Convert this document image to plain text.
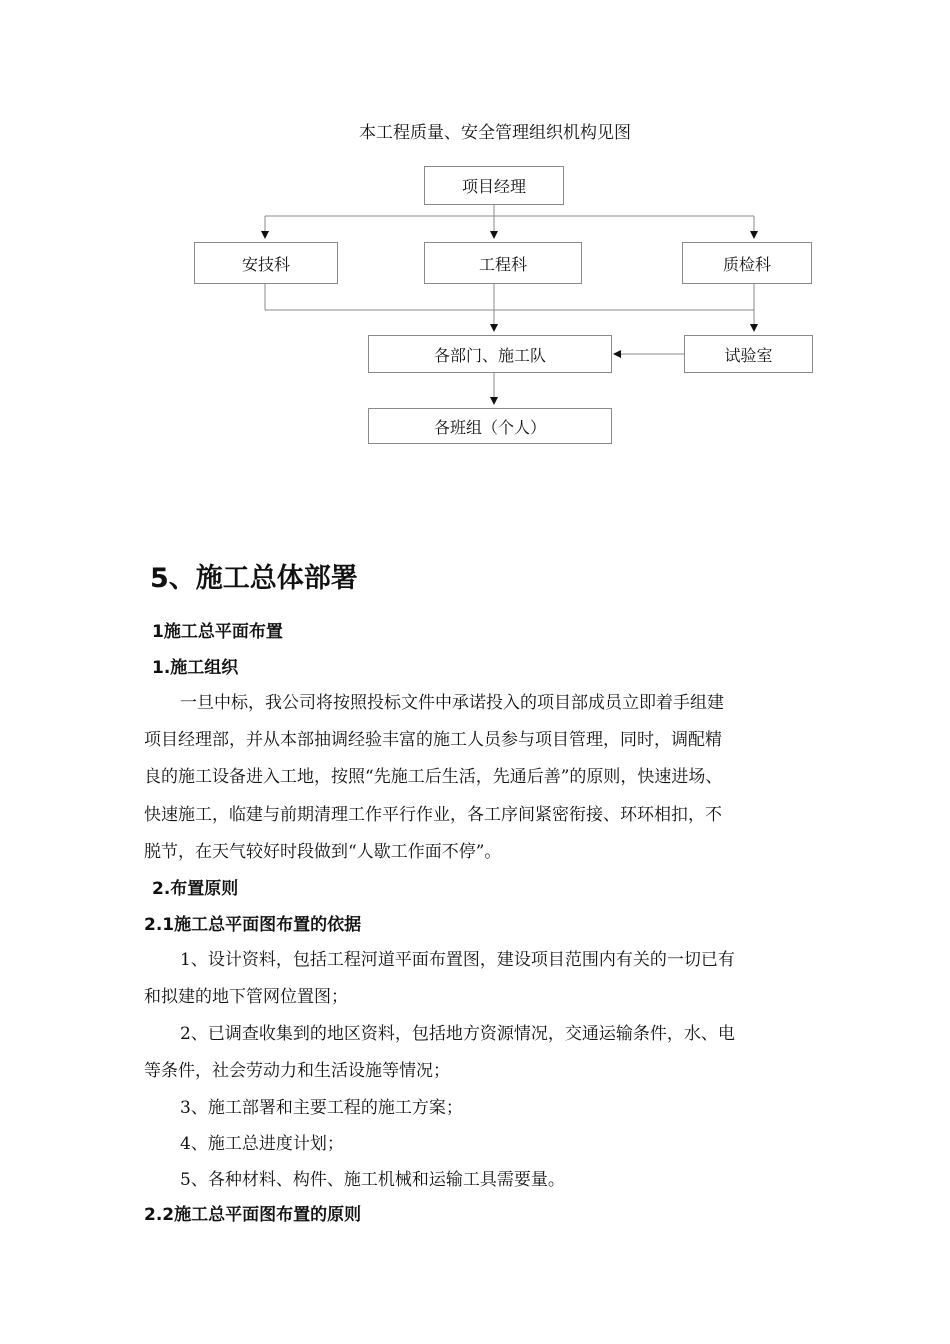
本工程质量、安全管理组织机构见图
项目经理
安技科	工程科	质检科
各部门、施工队	试验室
各班组（个人）
5、施工总体部署
1施工总平面布置
1.施工组织
一旦中标，我公司将按照投标文件中承诺投入的项目部成员立即着手组建
项目经理部，并从本部抽调经验丰富的施工人员参与项目管理，同时，调配精
良的施工设备进入工地，按照“先施工后生活，先通后善”的原则，快速进场、
快速施工，临建与前期清理工作平行作业，各工序间紧密衔接、环环相扣，不
脱节，在天气较好时段做到“人歇工作面不停”。
2.布置原则
2.1施工总平面图布置的依据
1、设计资料，包括工程河道平面布置图，建设项目范围内有关的一切已有
和拟建的地下管网位置图；
2、已调查收集到的地区资料，包括地方资源情况，交通运输条件，水、电
等条件，社会劳动力和生活设施等情况；
3、施工部署和主要工程的施工方案；
4、施工总进度计划；
5、各种材料、构件、施工机械和运输工具需要量。
2.2施工总平面图布置的原则
